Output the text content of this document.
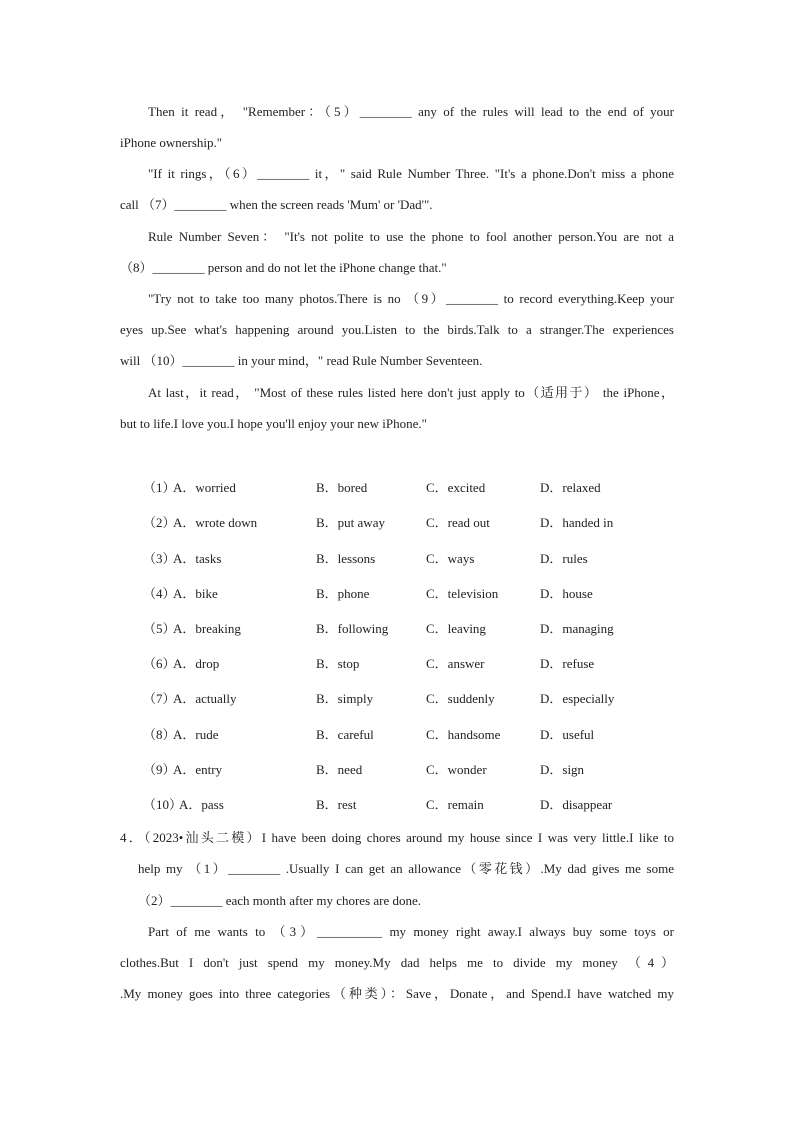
Then it read， "Remember：（5）________ any of the rules will lead to the end of your
iPhone ownership."
"If it rings，（6）________ it，" said Rule Number Three. "It's a phone.Don't miss a phone
call （7）________ when the screen reads 'Mum' or 'Dad'".
Rule Number Seven： "It's not polite to use the phone to fool another person.You are not a
（8）________ person and do not let the iPhone change that."
"Try not to take too many photos.There is no （9）________ to record everything.Keep your
eyes up.See what's happening around you.Listen to the birds.Talk to a stranger.The experiences
will （10）________ in your mind，" read Rule Number Seventeen.
At last，it read， "Most of these rules listed here don't just apply to（适用于） the iPhone，
but to life.I love you.I hope you'll enjoy your new iPhone."
（1）
A．worried	B．bored	C．excited	D．relaxed
（2）
A．wrote down	B．put away	C．read out	D．handed in
（3）
A．tasks	B．lessons	C．ways	D．rules
（4）
A．bike	B．phone	C．television	D．house
（5）
A．breaking	B．following	C．leaving	D．managing
（6）
A．drop	B．stop	C．answer	D．refuse
（7）
A．actually	B．simply	C．suddenly	D．especially
（8）
A．rude	B．careful	C．handsome	D．useful
（9）
A．entry	B．need	C．wonder	D．sign
（10）
A．pass	B．rest	C．remain	D．disappear
4．（2023•汕头二模）I have been doing chores around my house since I was very little.I like to
help my （1）________ .Usually I can get an allowance（零花钱）.My dad gives me some
（2）________ each month after my chores are done.
Part of me wants to （3）__________ my money right away.I always buy some toys or
clothes.But I don't just spend my money.My dad helps me to divide my money （4）
.My money goes into three categories（种类）：Save，Donate，and Spend.I have watched my
